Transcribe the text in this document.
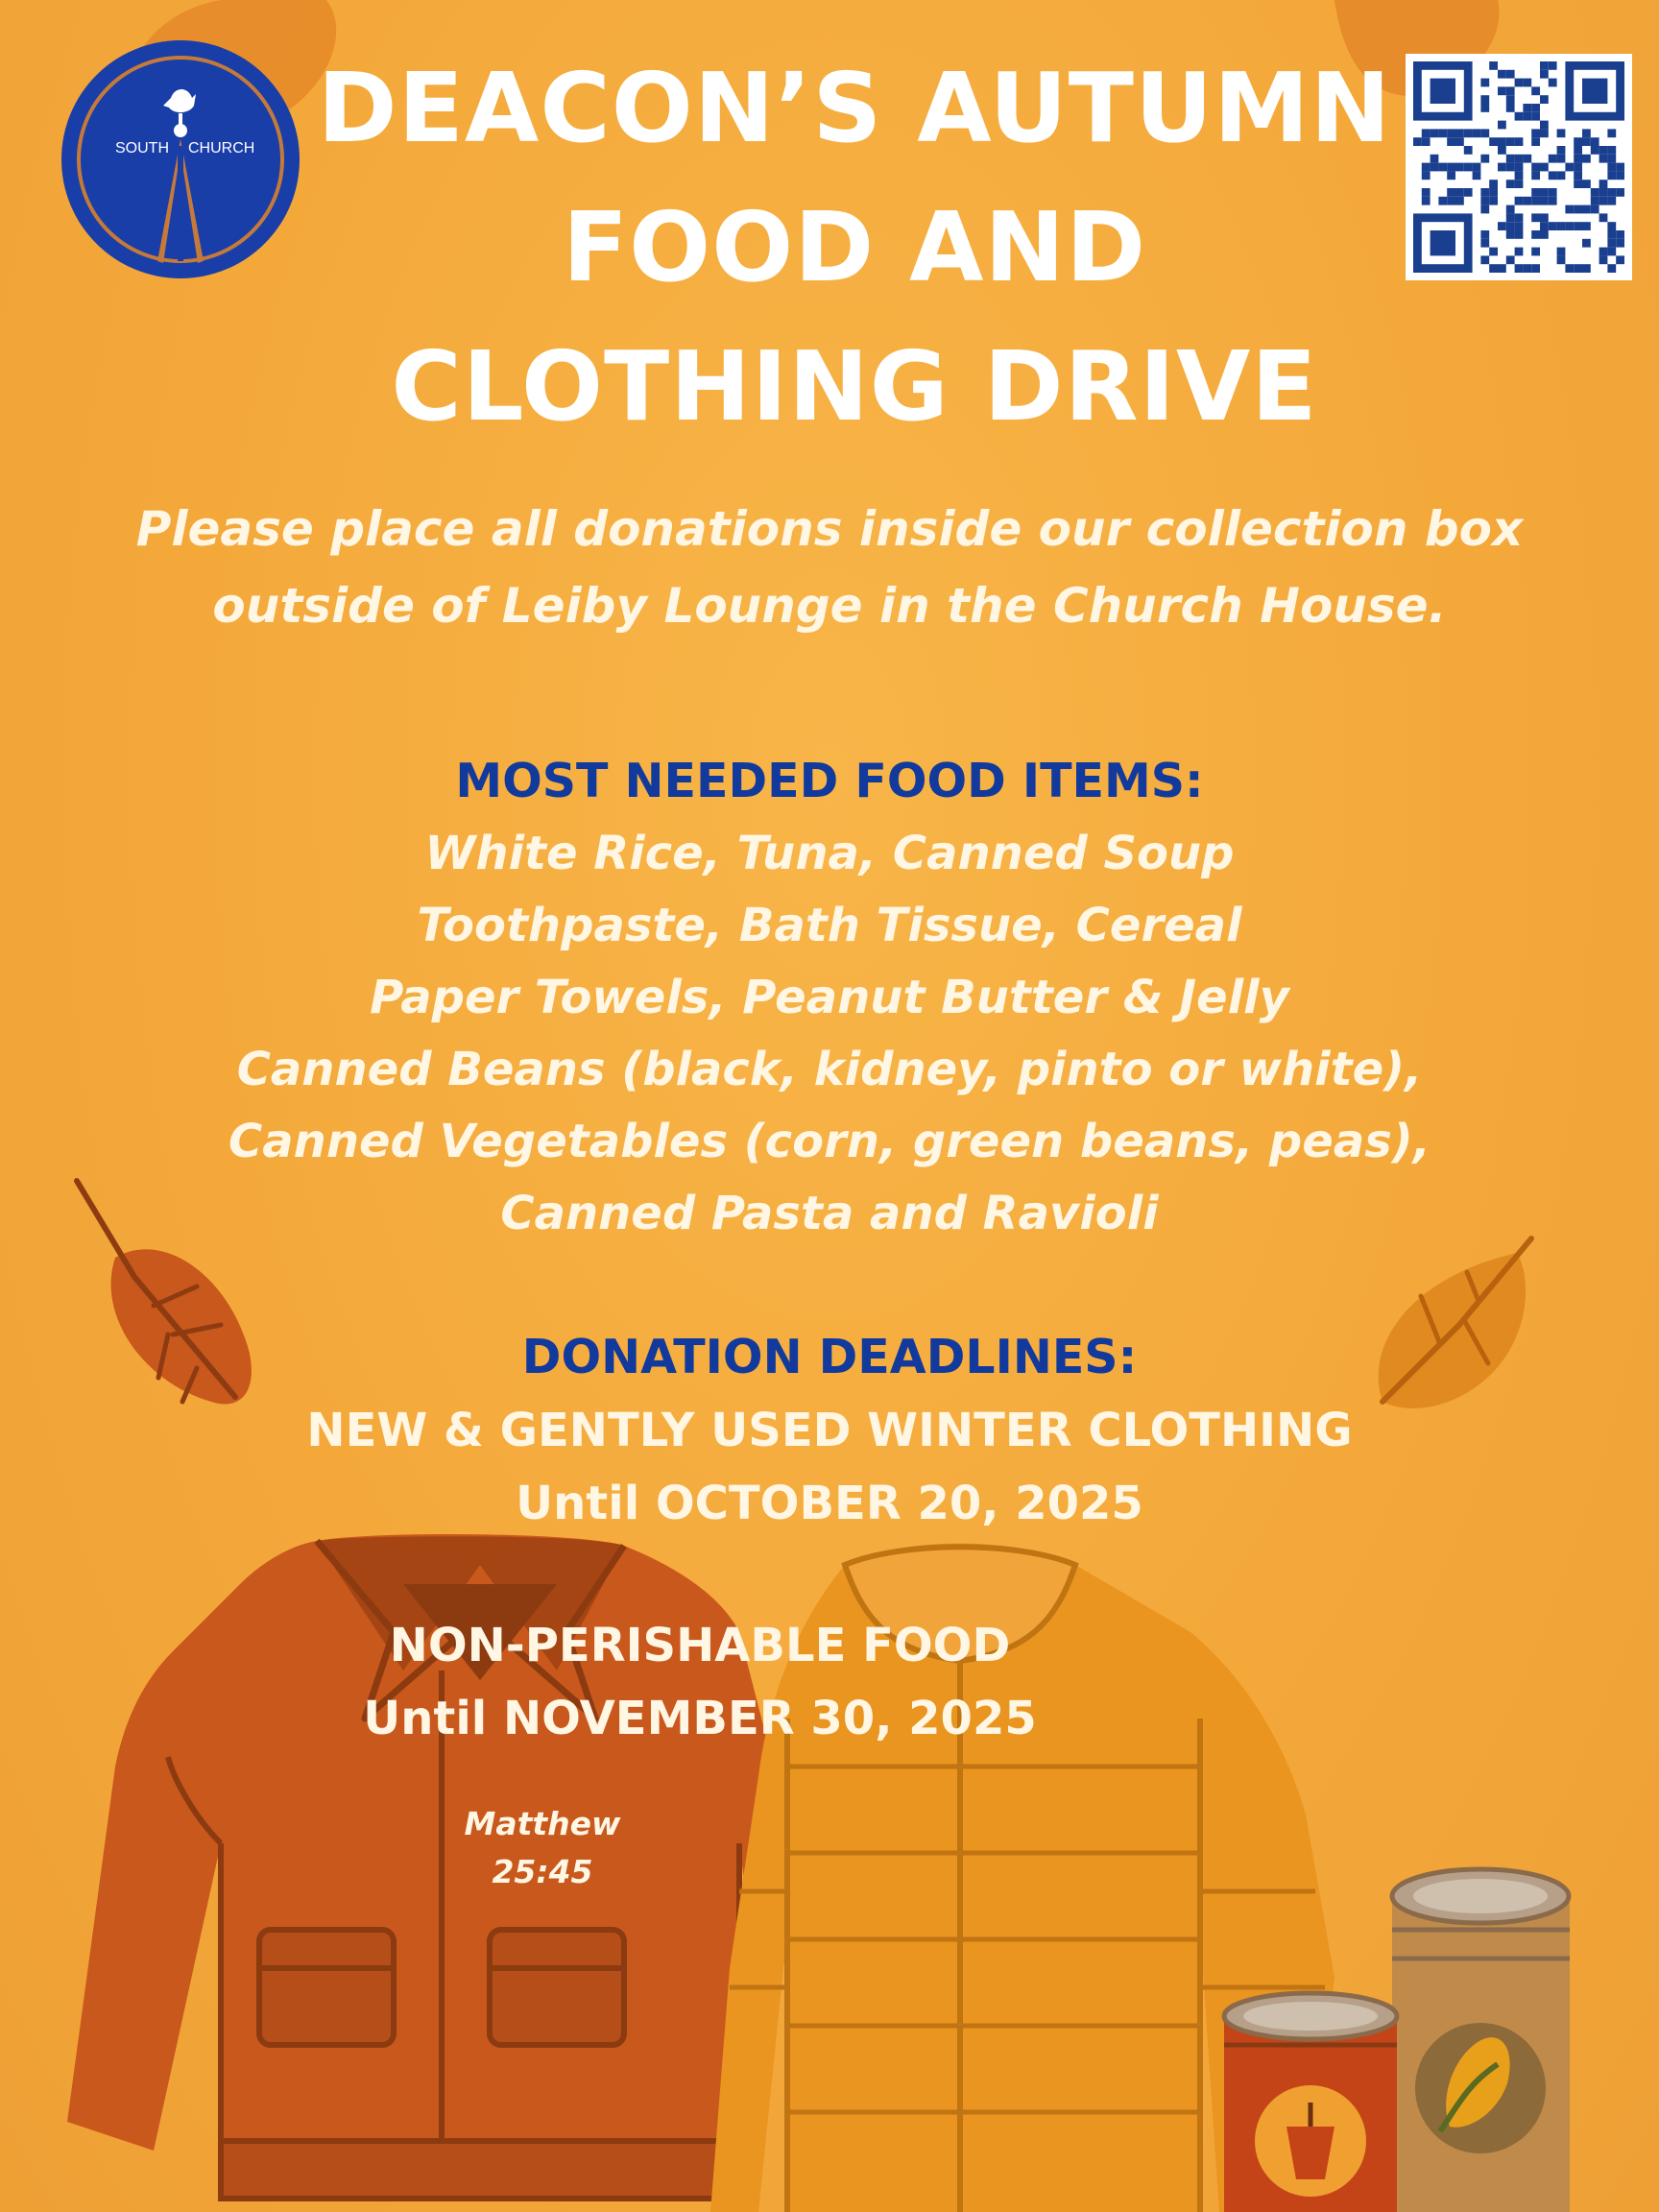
SOUTH CHURCH DEACON’S AUTUMN
FOOD AND
CLOTHING DRIVE
Please place all donations inside our collection box
outside of Leiby Lounge in the Church House.
MOST NEEDED FOOD ITEMS:
White Rice, Tuna, Canned Soup
Toothpaste, Bath Tissue, Cereal
Paper Towels, Peanut Butter & Jelly
Canned Beans (black, kidney, pinto or white),
Canned Vegetables (corn, green beans, peas),
Canned Pasta and Ravioli
DONATION DEADLINES:
NEW & GENTLY USED WINTER CLOTHING
Until OCTOBER 20, 2025
NON-PERISHABLE FOOD
Until NOVEMBER 30, 2025
Matthew
25:45
